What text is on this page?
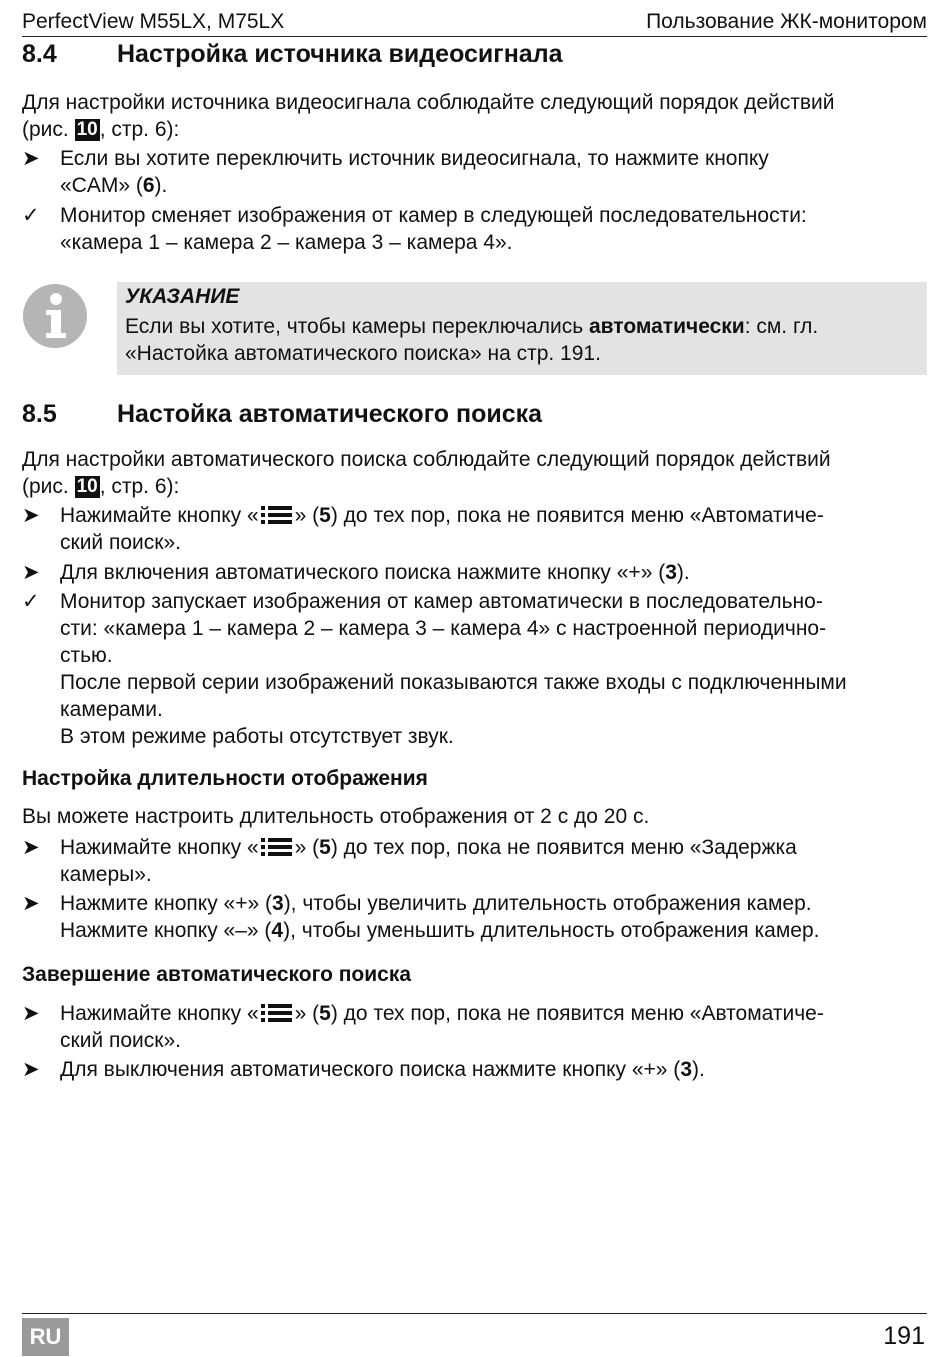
PerfectView M55LX, M75LX	Пользование ЖК-монитором
8.4 Настройка источника видеосигнала
Для настройки источника видеосигнала соблюдайте следующий порядок действий
(рис. 10, стр. 6):
➤ Если вы хотите переключить источник видеосигнала, то нажмите кнопку
«CAM» (6).
✓ Монитор сменяет изображения от камер в следующей последовательности:
«камера 1 – камера 2 – камера 3 – камера 4».
УКАЗАНИЕ
Если вы хотите, чтобы камеры переключались автоматически: см. гл.
«Настойка автоматического поиска» на стр. 191.
8.5 Настойка автоматического поиска
Для настройки автоматического поиска соблюдайте следующий порядок действий
(рис. 10, стр. 6):
➤ Нажимайте кнопку « » (5) до тех пор, пока не появится меню «Автоматиче-
ский поиск».
➤ Для включения автоматического поиска нажмите кнопку «+» (3).
✓ Монитор запускает изображения от камер автоматически в последовательно-
сти: «камера 1 – камера 2 – камера 3 – камера 4» с настроенной периодично-
стью.
После первой серии изображений показываются также входы с подключенными
камерами.
В этом режиме работы отсутствует звук.
Настройка длительности отображения
Вы можете настроить длительность отображения от 2 с до 20 с.
➤ Нажимайте кнопку « » (5) до тех пор, пока не появится меню «Задержка
камеры».
➤ Нажмите кнопку «+» (3), чтобы увеличить длительность отображения камер.
Нажмите кнопку «–» (4), чтобы уменьшить длительность отображения камер.
Завершение автоматического поиска
➤ Нажимайте кнопку « » (5) до тех пор, пока не появится меню «Автоматиче-
ский поиск».
➤ Для выключения автоматического поиска нажмите кнопку «+» (3).
RU	191
